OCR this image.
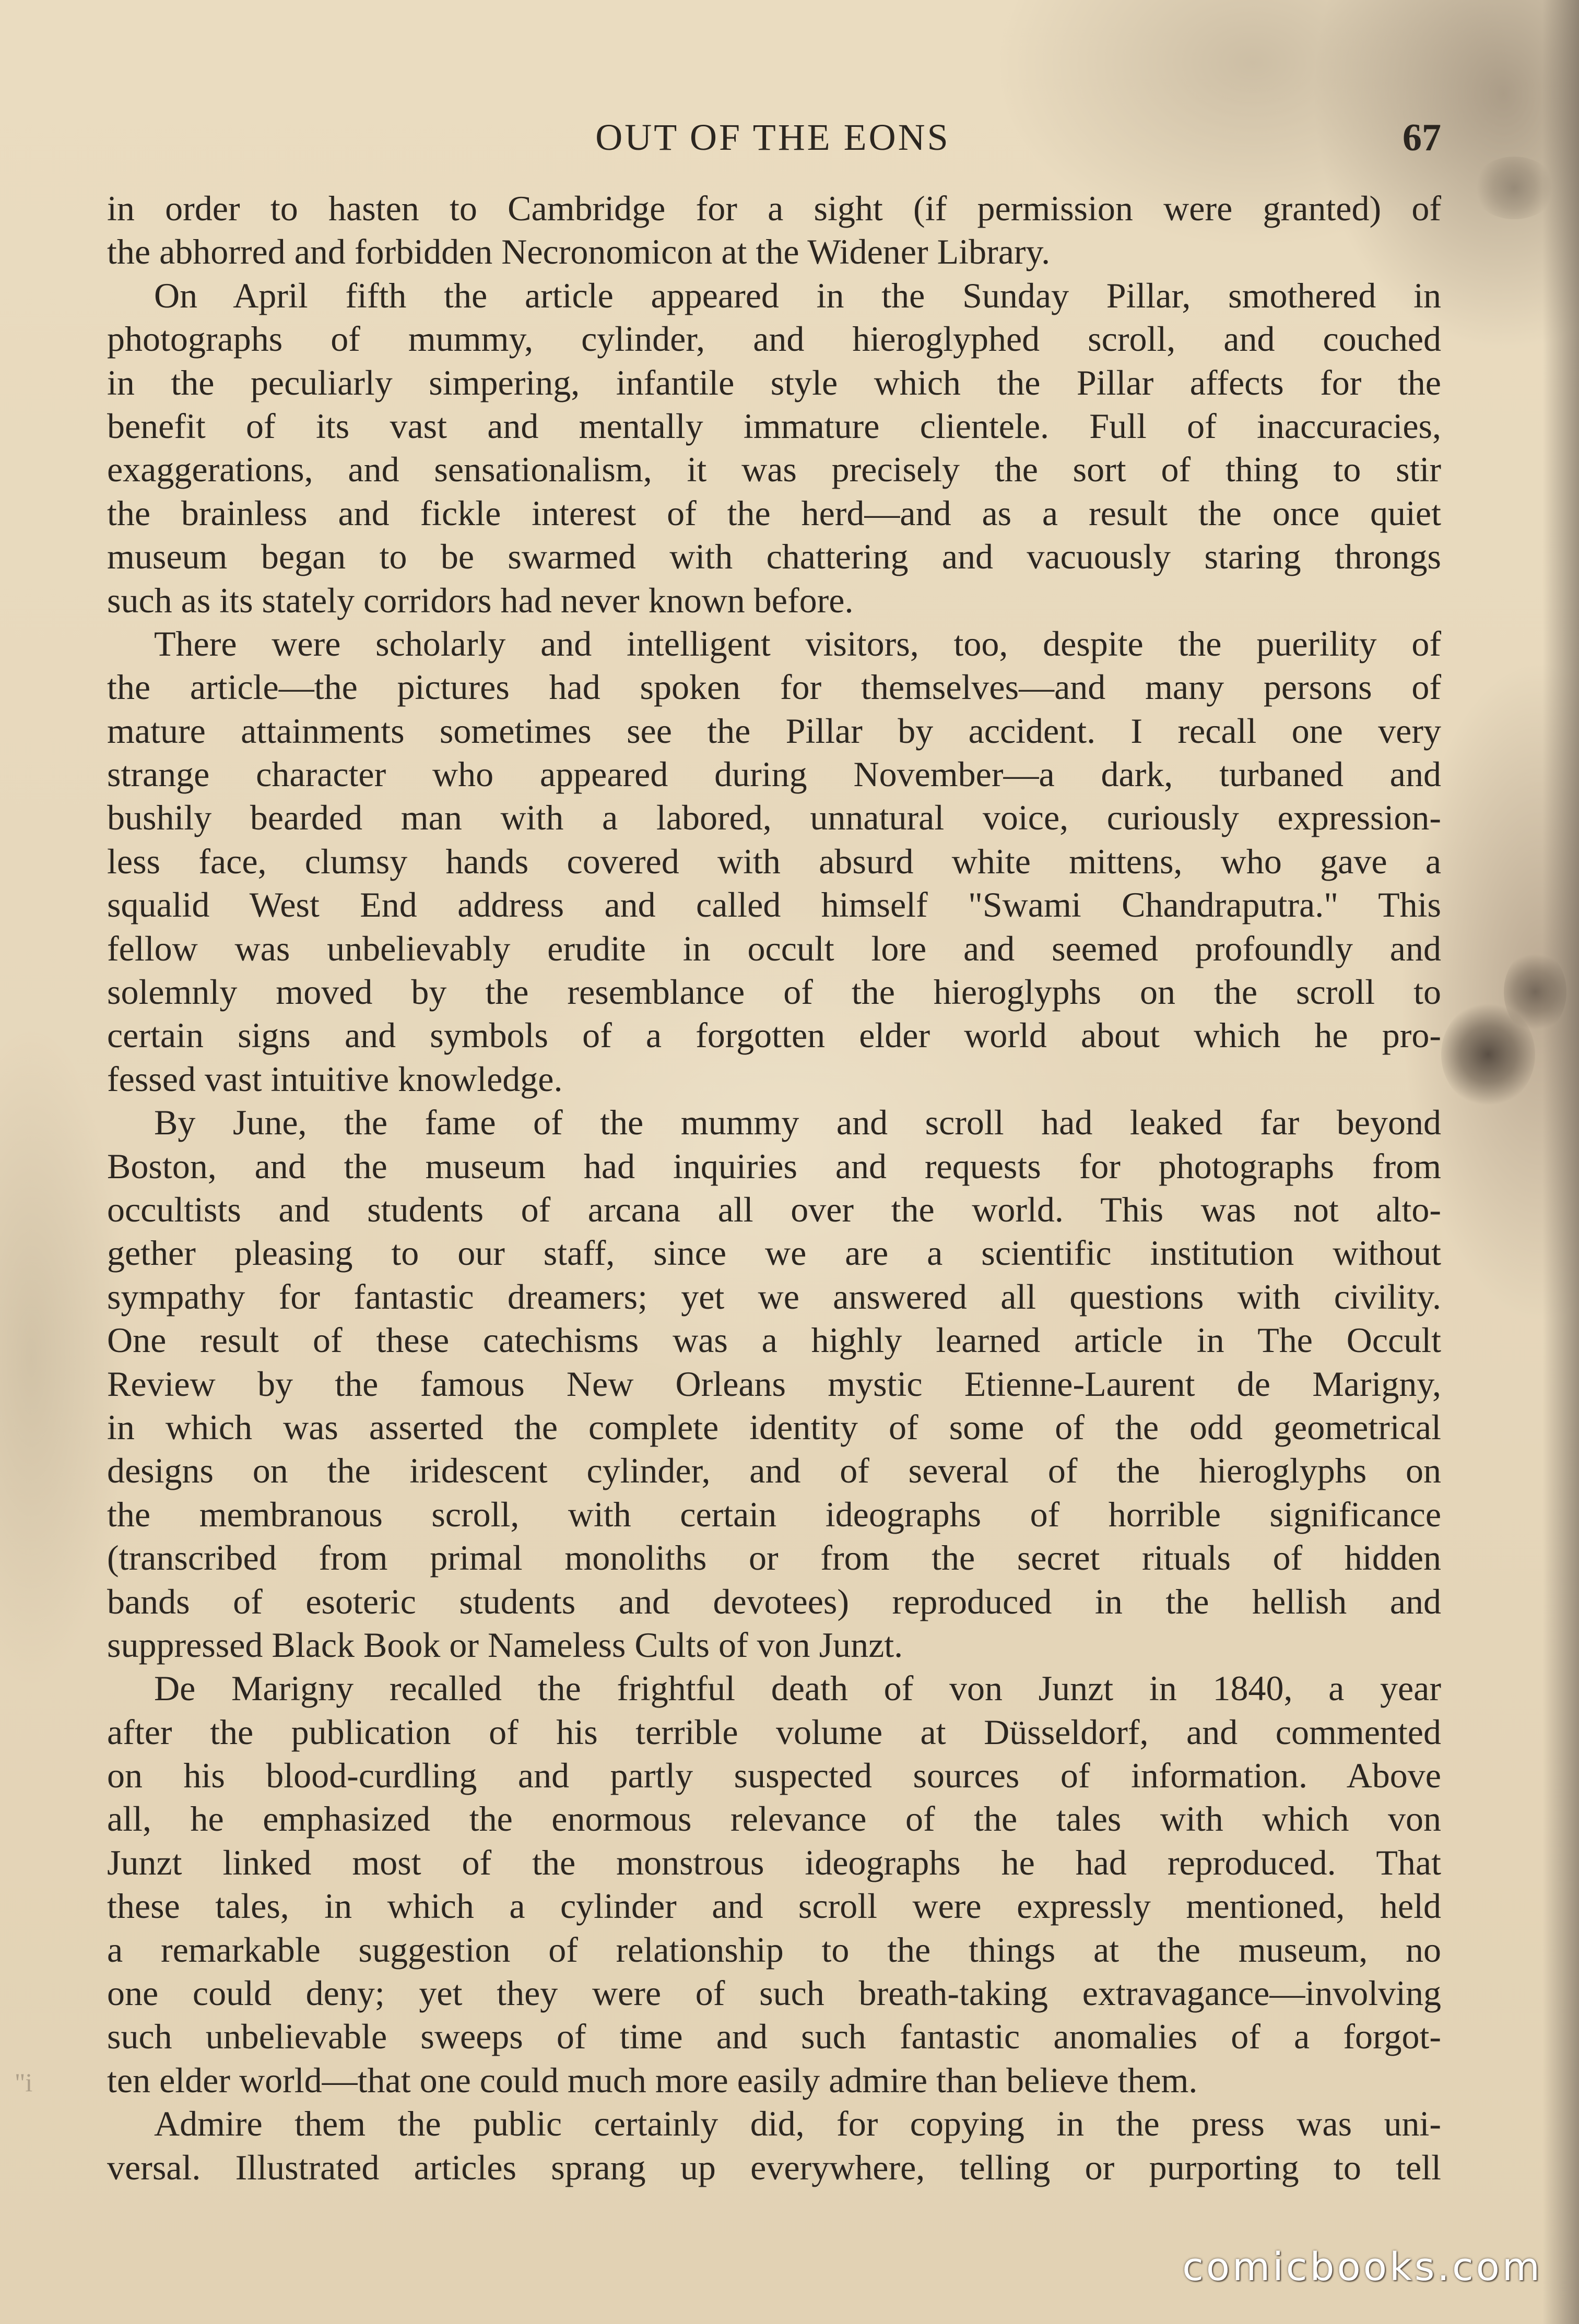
OUT OF THE EONS	67
in order to hasten to Cambridge for a sight (if permission were granted) of
the abhorred and forbidden Necronomicon at the Widener Library.
On April fifth the article appeared in the Sunday Pillar, smothered in
photographs of mummy, cylinder, and hieroglyphed scroll, and couched
in the peculiarly simpering, infantile style which the Pillar affects for the
benefit of its vast and mentally immature clientele. Full of inaccuracies,
exaggerations, and sensationalism, it was precisely the sort of thing to stir
the brainless and fickle interest of the herd—and as a result the once quiet
museum began to be swarmed with chattering and vacuously staring throngs
such as its stately corridors had never known before.
There were scholarly and intelligent visitors, too, despite the puerility of
the article—the pictures had spoken for themselves—and many persons of
mature attainments sometimes see the Pillar by accident. I recall one very
strange character who appeared during November—a dark, turbaned and
bushily bearded man with a labored, unnatural voice, curiously expression-
less face, clumsy hands covered with absurd white mittens, who gave a
squalid West End address and called himself "Swami Chandraputra." This
fellow was unbelievably erudite in occult lore and seemed profoundly and
solemnly moved by the resemblance of the hieroglyphs on the scroll to
certain signs and symbols of a forgotten elder world about which he pro-
fessed vast intuitive knowledge.
By June, the fame of the mummy and scroll had leaked far beyond
Boston, and the museum had inquiries and requests for photographs from
occultists and students of arcana all over the world. This was not alto-
gether pleasing to our staff, since we are a scientific institution without
sympathy for fantastic dreamers; yet we answered all questions with civility.
One result of these catechisms was a highly learned article in The Occult
Review by the famous New Orleans mystic Etienne-Laurent de Marigny,
in which was asserted the complete identity of some of the odd geometrical
designs on the iridescent cylinder, and of several of the hieroglyphs on
the membranous scroll, with certain ideographs of horrible significance
(transcribed from primal monoliths or from the secret rituals of hidden
bands of esoteric students and devotees) reproduced in the hellish and
suppressed Black Book or Nameless Cults of von Junzt.
De Marigny recalled the frightful death of von Junzt in 1840, a year
after the publication of his terrible volume at Düsseldorf, and commented
on his blood-curdling and partly suspected sources of information. Above
all, he emphasized the enormous relevance of the tales with which von
Junzt linked most of the monstrous ideographs he had reproduced. That
these tales, in which a cylinder and scroll were expressly mentioned, held
a remarkable suggestion of relationship to the things at the museum, no
one could deny; yet they were of such breath-taking extravagance—involving
such unbelievable sweeps of time and such fantastic anomalies of a forgot-
ten elder world—that one could much more easily admire than believe them.
Admire them the public certainly did, for copying in the press was uni-
versal. Illustrated articles sprang up everywhere, telling or purporting to tell
"i
comicbooks.com
